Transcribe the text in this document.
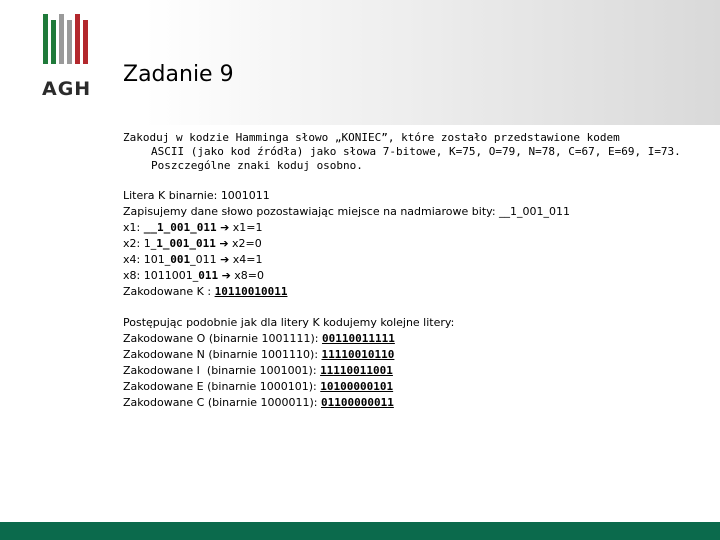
AGH
Zadanie 9
Zakoduj w kodzie Hamminga słowo „KONIEC”, które zostało przedstawione kodem
ASCII (jako kod źródła) jako słowa 7-bitowe, K=75, O=79, N=78, C=67, E=69, I=73.
Poszczególne znaki koduj osobno.
Litera K binarnie: 1001011
Zapisujemy dane słowo pozostawiając miejsce na nadmiarowe bity: __1_001_011
x1: __1_001_011 ➔ x1=1
x2: 1_1_001_011 ➔ x2=0
x4: 101_001_011 ➔ x4=1
x8: 1011001_011 ➔ x8=0
Zakodowane K : 10110010011
Postępując podobnie jak dla litery K kodujemy kolejne litery:
Zakodowane O (binarnie 1001111): 00110011111
Zakodowane N (binarnie 1001110): 11110010110
Zakodowane I  (binarnie 1001001): 11110011001
Zakodowane E (binarnie 1000101): 10100000101
Zakodowane C (binarnie 1000011): 01100000011
